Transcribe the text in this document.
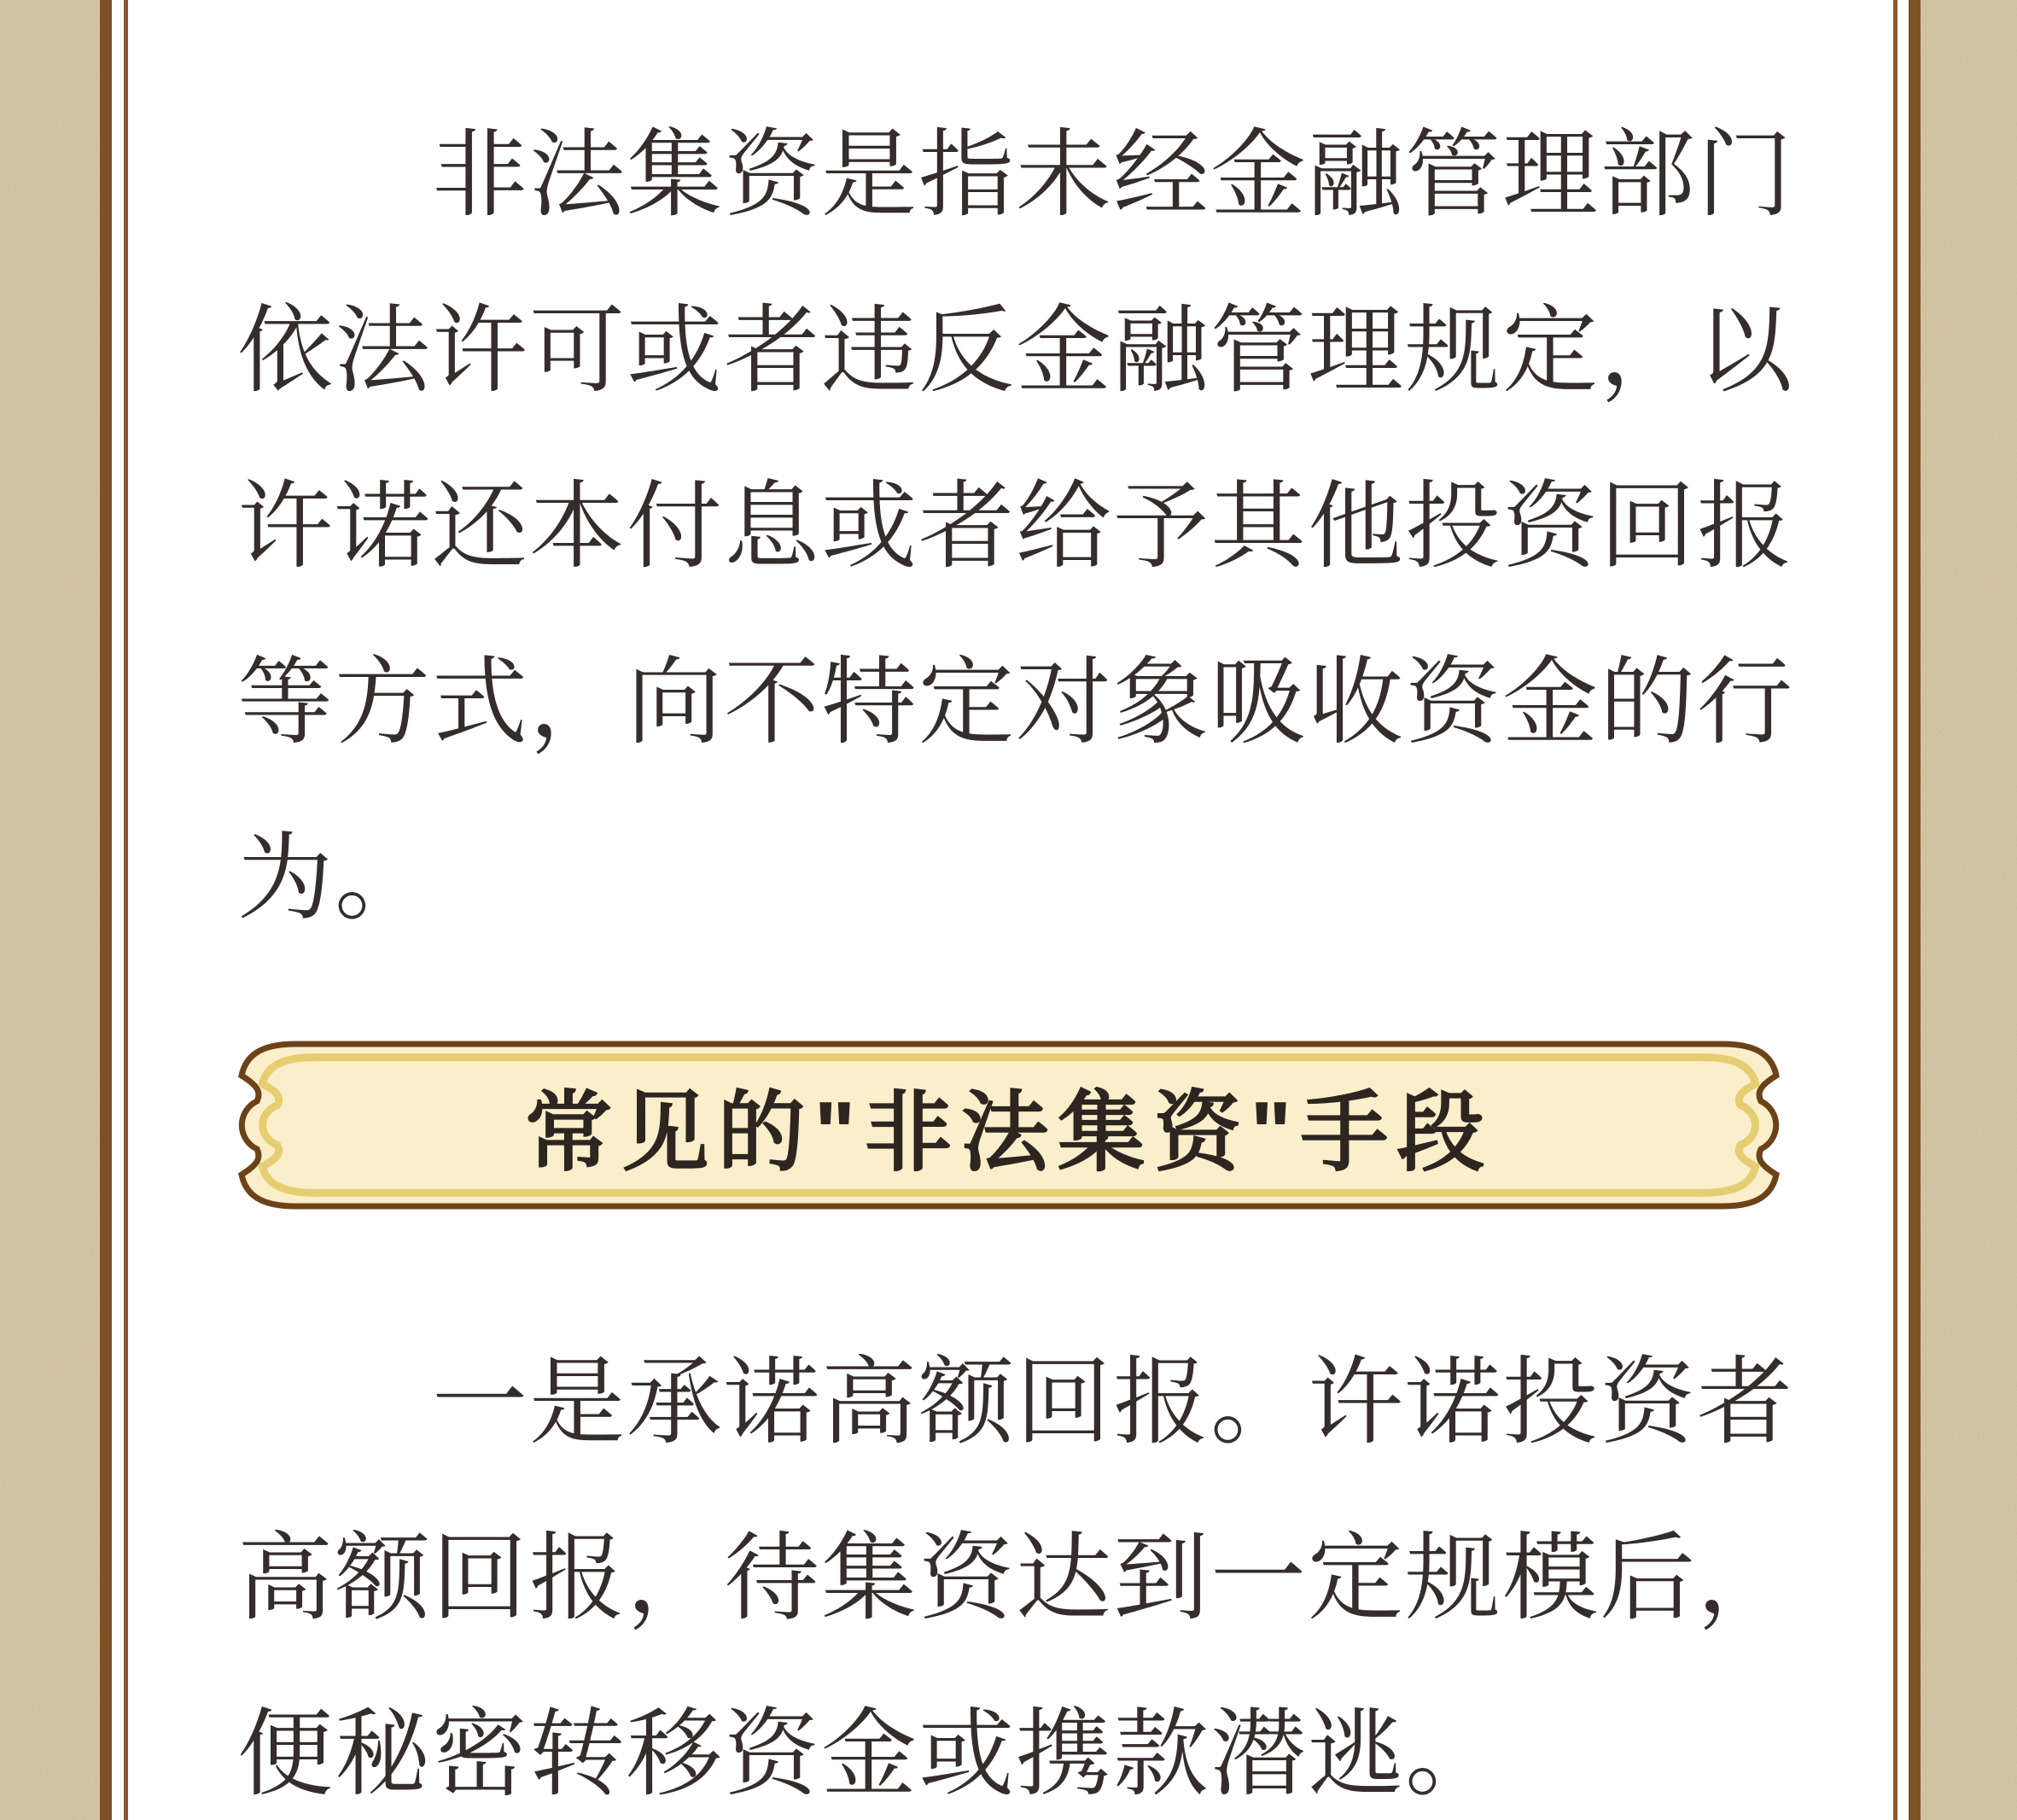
非法集资是指未经金融管理部门
依法许可或者违反金融管理规定，以
许诺还本付息或者给予其他投资回报
等方式，向不特定对象吸收资金的行
为。
常见的"非法集资"手段
一是承诺高额回报。许诺投资者
高额回报，待集资达到一定规模后，
便秘密转移资金或携款潜逃。
